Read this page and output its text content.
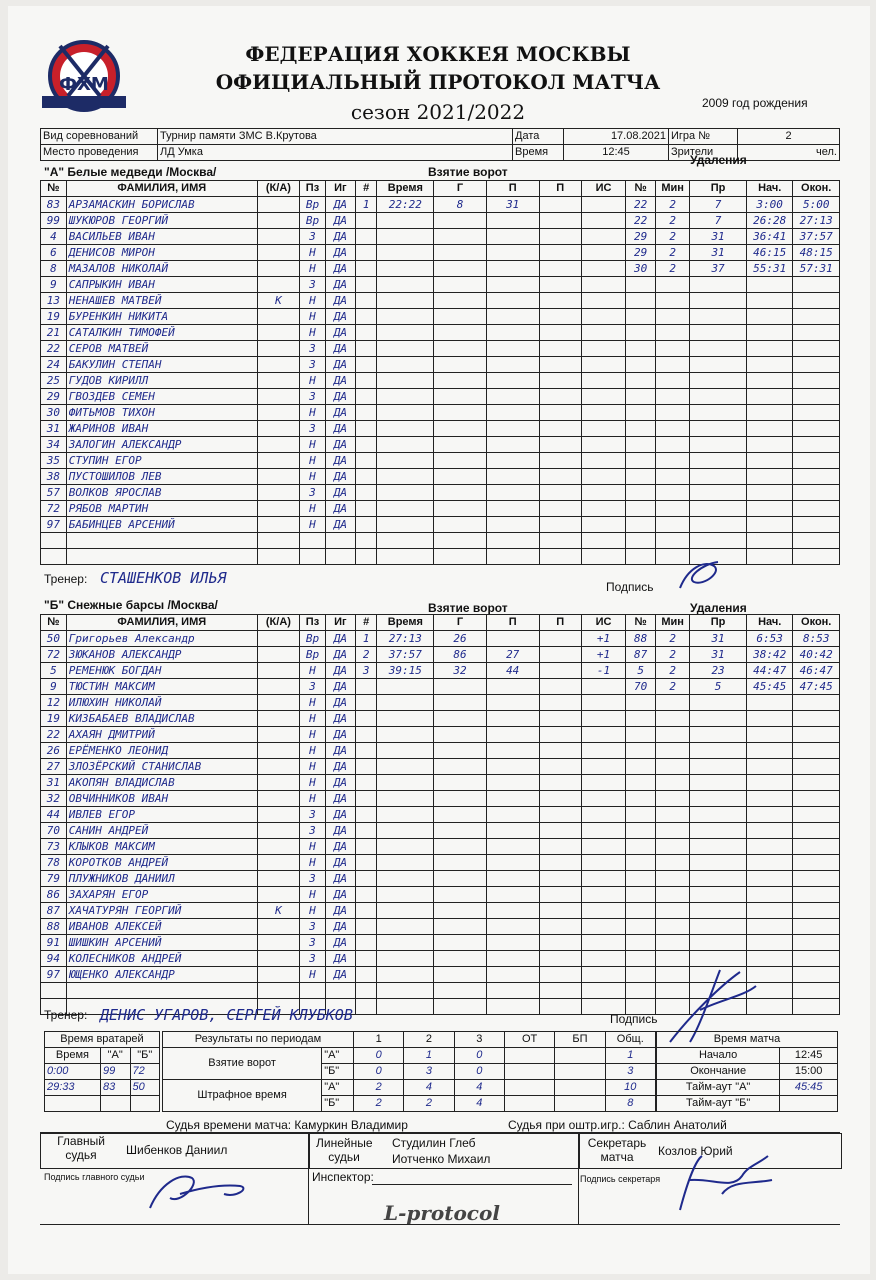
ФХМ
ФЕДЕРАЦИЯ ХОККЕЯ МОСКВЫ
ОФИЦИАЛЬНЫЙ ПРОТОКОЛ МАТЧА
сезон 2021/2022
Вид соревнований	Турнир памяти ЗМС В.Крутова	Дата	17.08.2021	Игра №	2
Место проведения	ЛД Умка	Время	12:45	Зрители	чел.
2009 год рождения
"А" Белые медведи /Москва/	Взятие ворот
Удаления
№	ФАМИЛИЯ, ИМЯ	(К/А)	Пз	Иг	#	Время	Г	П	П	ИС	№	Мин	Пр	Нач.	Окон.
83	АРЗАМАСКИН БОРИСЛАВ		Вр	ДА	1	22:22	8	31			22	2	7	3:00	5:00
99	ШУКЮРОВ ГЕОРГИЙ		Вр	ДА							22	2	7	26:28	27:13
4	ВАСИЛЬЕВ ИВАН		З	ДА							29	2	31	36:41	37:57
6	ДЕНИСОВ МИРОН		Н	ДА							29	2	31	46:15	48:15
8	МАЗАЛОВ НИКОЛАЙ		Н	ДА							30	2	37	55:31	57:31
9	САПРЫКИН ИВАН		З	ДА											
13	НЕНАШЕВ МАТВЕЙ	К	Н	ДА											
19	БУРЕНКИН НИКИТА		Н	ДА											
21	САТАЛКИН ТИМОФЕЙ		Н	ДА											
22	СЕРОВ МАТВЕЙ		З	ДА											
24	БАКУЛИН СТЕПАН		З	ДА											
25	ГУДОВ КИРИЛЛ		Н	ДА											
29	ГВОЗДЕВ СЕМЕН		З	ДА											
30	ФИТЬМОВ ТИХОН		Н	ДА											
31	ЖАРИНОВ ИВАН		З	ДА											
34	ЗАЛОГИН АЛЕКСАНДР		Н	ДА											
35	СТУПИН ЕГОР		Н	ДА											
38	ПУСТОШИЛОВ ЛЕВ		Н	ДА											
57	ВОЛКОВ ЯРОСЛАВ		З	ДА											
72	РЯБОВ МАРТИН		Н	ДА											
97	БАБИНЦЕВ АРСЕНИЙ		Н	ДА											

Тренер: СТАШЕНКОВ ИЛЬЯ	Подпись
"Б" Снежные барсы /Москва/	Взятие ворот	Удаления
№	ФАМИЛИЯ, ИМЯ	(К/А)	Пз	Иг	#	Время	Г	П	П	ИС	№	Мин	Пр	Нач.	Окон.
50	Григорьев Александр		Вр	ДА	1	27:13	26			+1	88	2	31	6:53	8:53
72	ЗЮКАНОВ АЛЕКСАНДР		Вр	ДА	2	37:57	86	27		+1	87	2	31	38:42	40:42
5	РЕМЕНЮК БОГДАН		Н	ДА	3	39:15	32	44		-1	5	2	23	44:47	46:47
9	ТЮСТИН МАКСИМ		З	ДА							70	2	5	45:45	47:45
12	ИЛЮХИН НИКОЛАЙ		Н	ДА											
19	КИЗБАБАЕВ ВЛАДИСЛАВ		Н	ДА											
22	АХАЯН ДМИТРИЙ		Н	ДА											
26	ЕРЁМЕНКО ЛЕОНИД		Н	ДА											
27	ЗЛОЗЁРСКИЙ СТАНИСЛАВ		Н	ДА											
31	АКОПЯН ВЛАДИСЛАВ		Н	ДА											
32	ОВЧИННИКОВ ИВАН		Н	ДА											
44	ИВЛЕВ ЕГОР		З	ДА											
70	САНИН АНДРЕЙ		З	ДА											
73	КЛЫКОВ МАКСИМ		Н	ДА											
78	КОРОТКОВ АНДРЕЙ		Н	ДА											
79	ПЛУЖНИКОВ ДАНИИЛ		З	ДА											
86	ЗАХАРЯН ЕГОР		Н	ДА											
87	ХАЧАТУРЯН ГЕОРГИЙ	К	Н	ДА											
88	ИВАНОВ АЛЕКСЕЙ		З	ДА											
91	ШИШКИН АРСЕНИЙ		З	ДА											
94	КОЛЕСНИКОВ АНДРЕЙ		З	ДА											
97	ЮЩЕНКО АЛЕКСАНДР		Н	ДА											

Тренер: ДЕНИС УГАРОВ, СЕРГЕЙ КЛУБКОВ	Подпись
Время вратарей		
Время	"А"	"Б"
0:00	99	72
29:33	83	50

Результаты по периодам		1	2	3	ОТ	БП	Общ.
Взятие ворот	"А"	0	1	0			1
	"Б"	0	3	0			3
Штрафное время	"А"	2	4	4			10
	"Б"	2	2	4			8
Время матча	
Начало	12:45
Окончание	15:00
Тайм-аут "А"	45:45
Тайм-аут "Б"	
Судья времени матча: Камуркин Владимир	Судья при оштр.игр.: Саблин Анатолий
Главный судья	Шибенков Даниил	Линейные судьи
Студилин Глеб
Иотченко Михаил
Секретарь матча	Козлов Юрий
Подпись главного судьи	Инспектор:	Подпись секретаря
L-protocol
